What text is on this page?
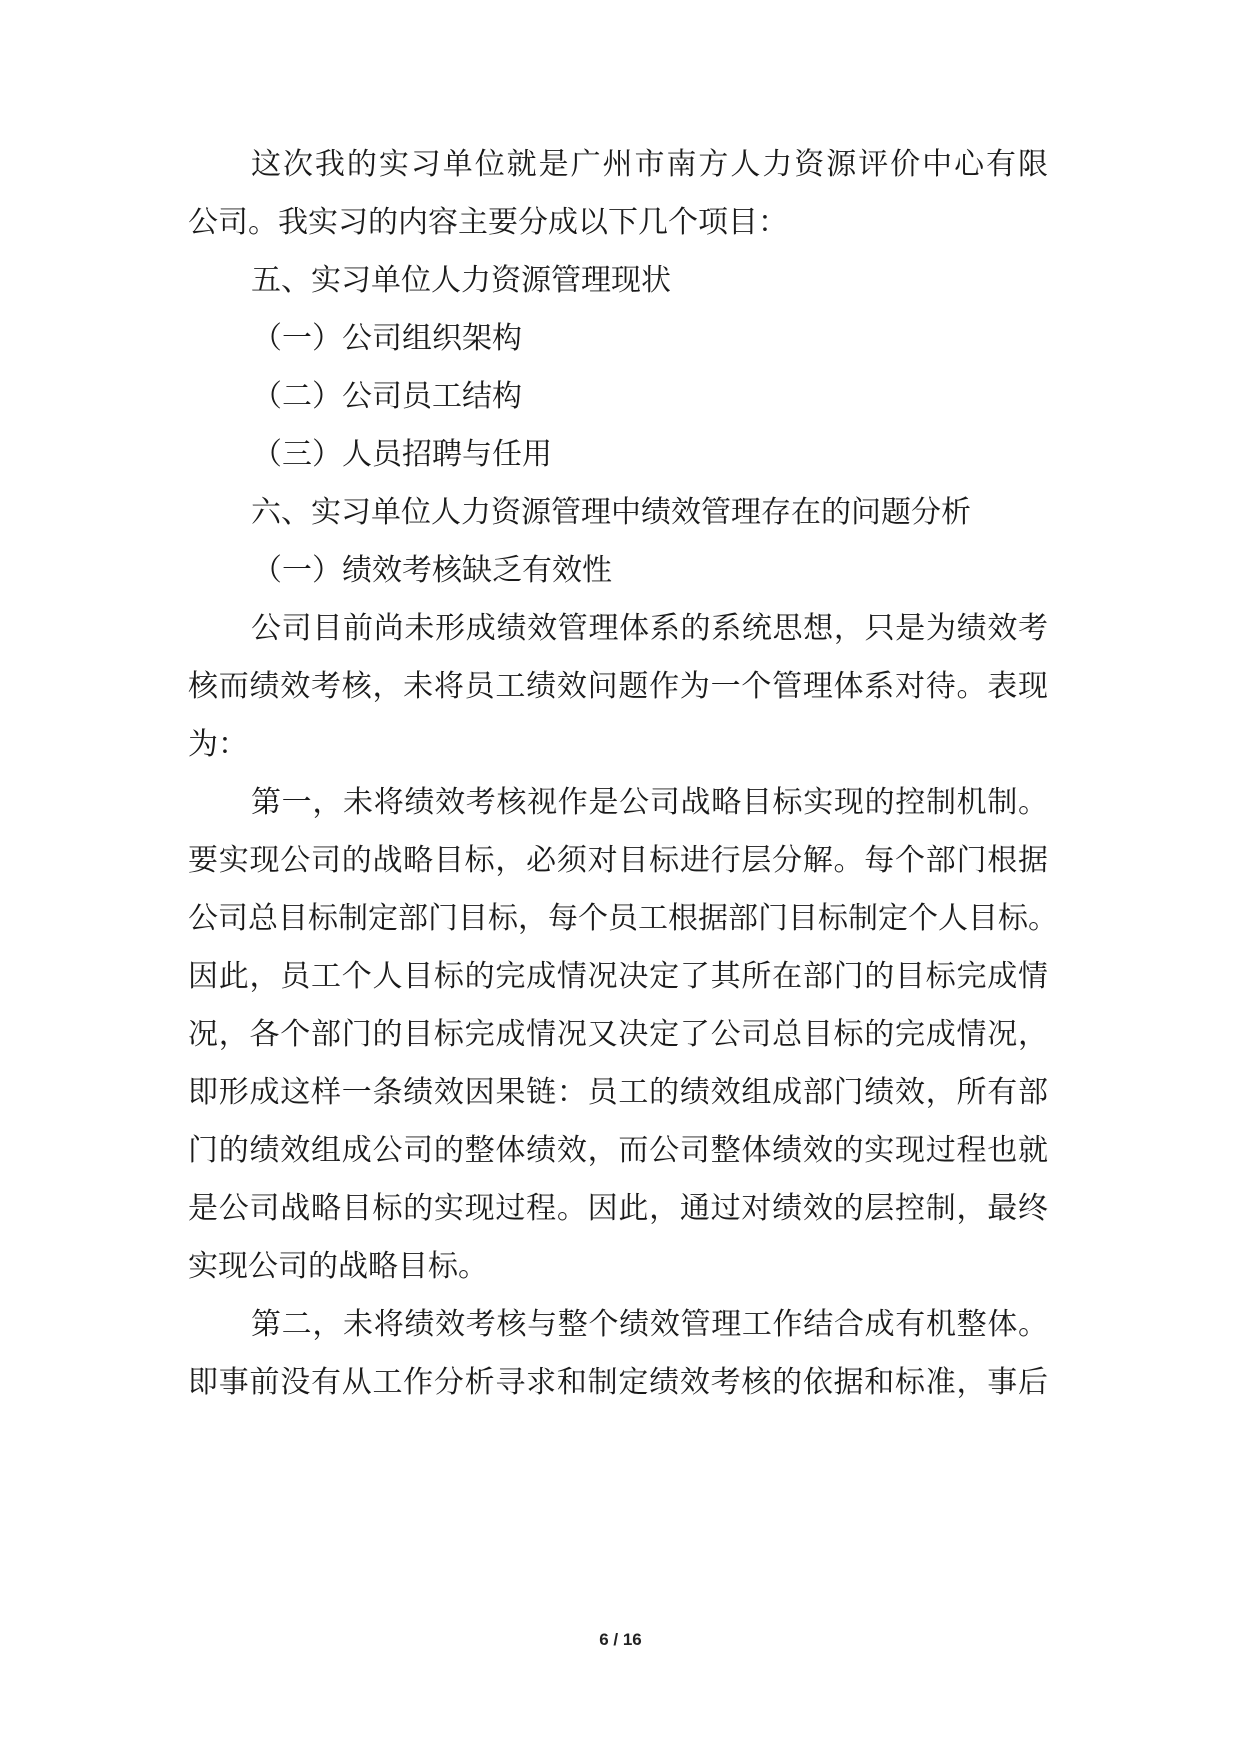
这次我的实习单位就是广州市南方人力资源评价中心有限
公司。我实习的内容主要分成以下几个项目：
五、实习单位人力资源管理现状
（一）公司组织架构
（二）公司员工结构
（三）人员招聘与任用
六、实习单位人力资源管理中绩效管理存在的问题分析
（一）绩效考核缺乏有效性
公司目前尚未形成绩效管理体系的系统思想，只是为绩效考
核而绩效考核，未将员工绩效问题作为一个管理体系对待。表现
为：
第一，未将绩效考核视作是公司战略目标实现的控制机制。
要实现公司的战略目标，必须对目标进行层分解。每个部门根据
公司总目标制定部门目标，每个员工根据部门目标制定个人目标。
因此，员工个人目标的完成情况决定了其所在部门的目标完成情
况，各个部门的目标完成情况又决定了公司总目标的完成情况，
即形成这样一条绩效因果链：员工的绩效组成部门绩效，所有部
门的绩效组成公司的整体绩效，而公司整体绩效的实现过程也就
是公司战略目标的实现过程。因此，通过对绩效的层控制，最终
实现公司的战略目标。
第二，未将绩效考核与整个绩效管理工作结合成有机整体。
即事前没有从工作分析寻求和制定绩效考核的依据和标准，事后
6 / 16
